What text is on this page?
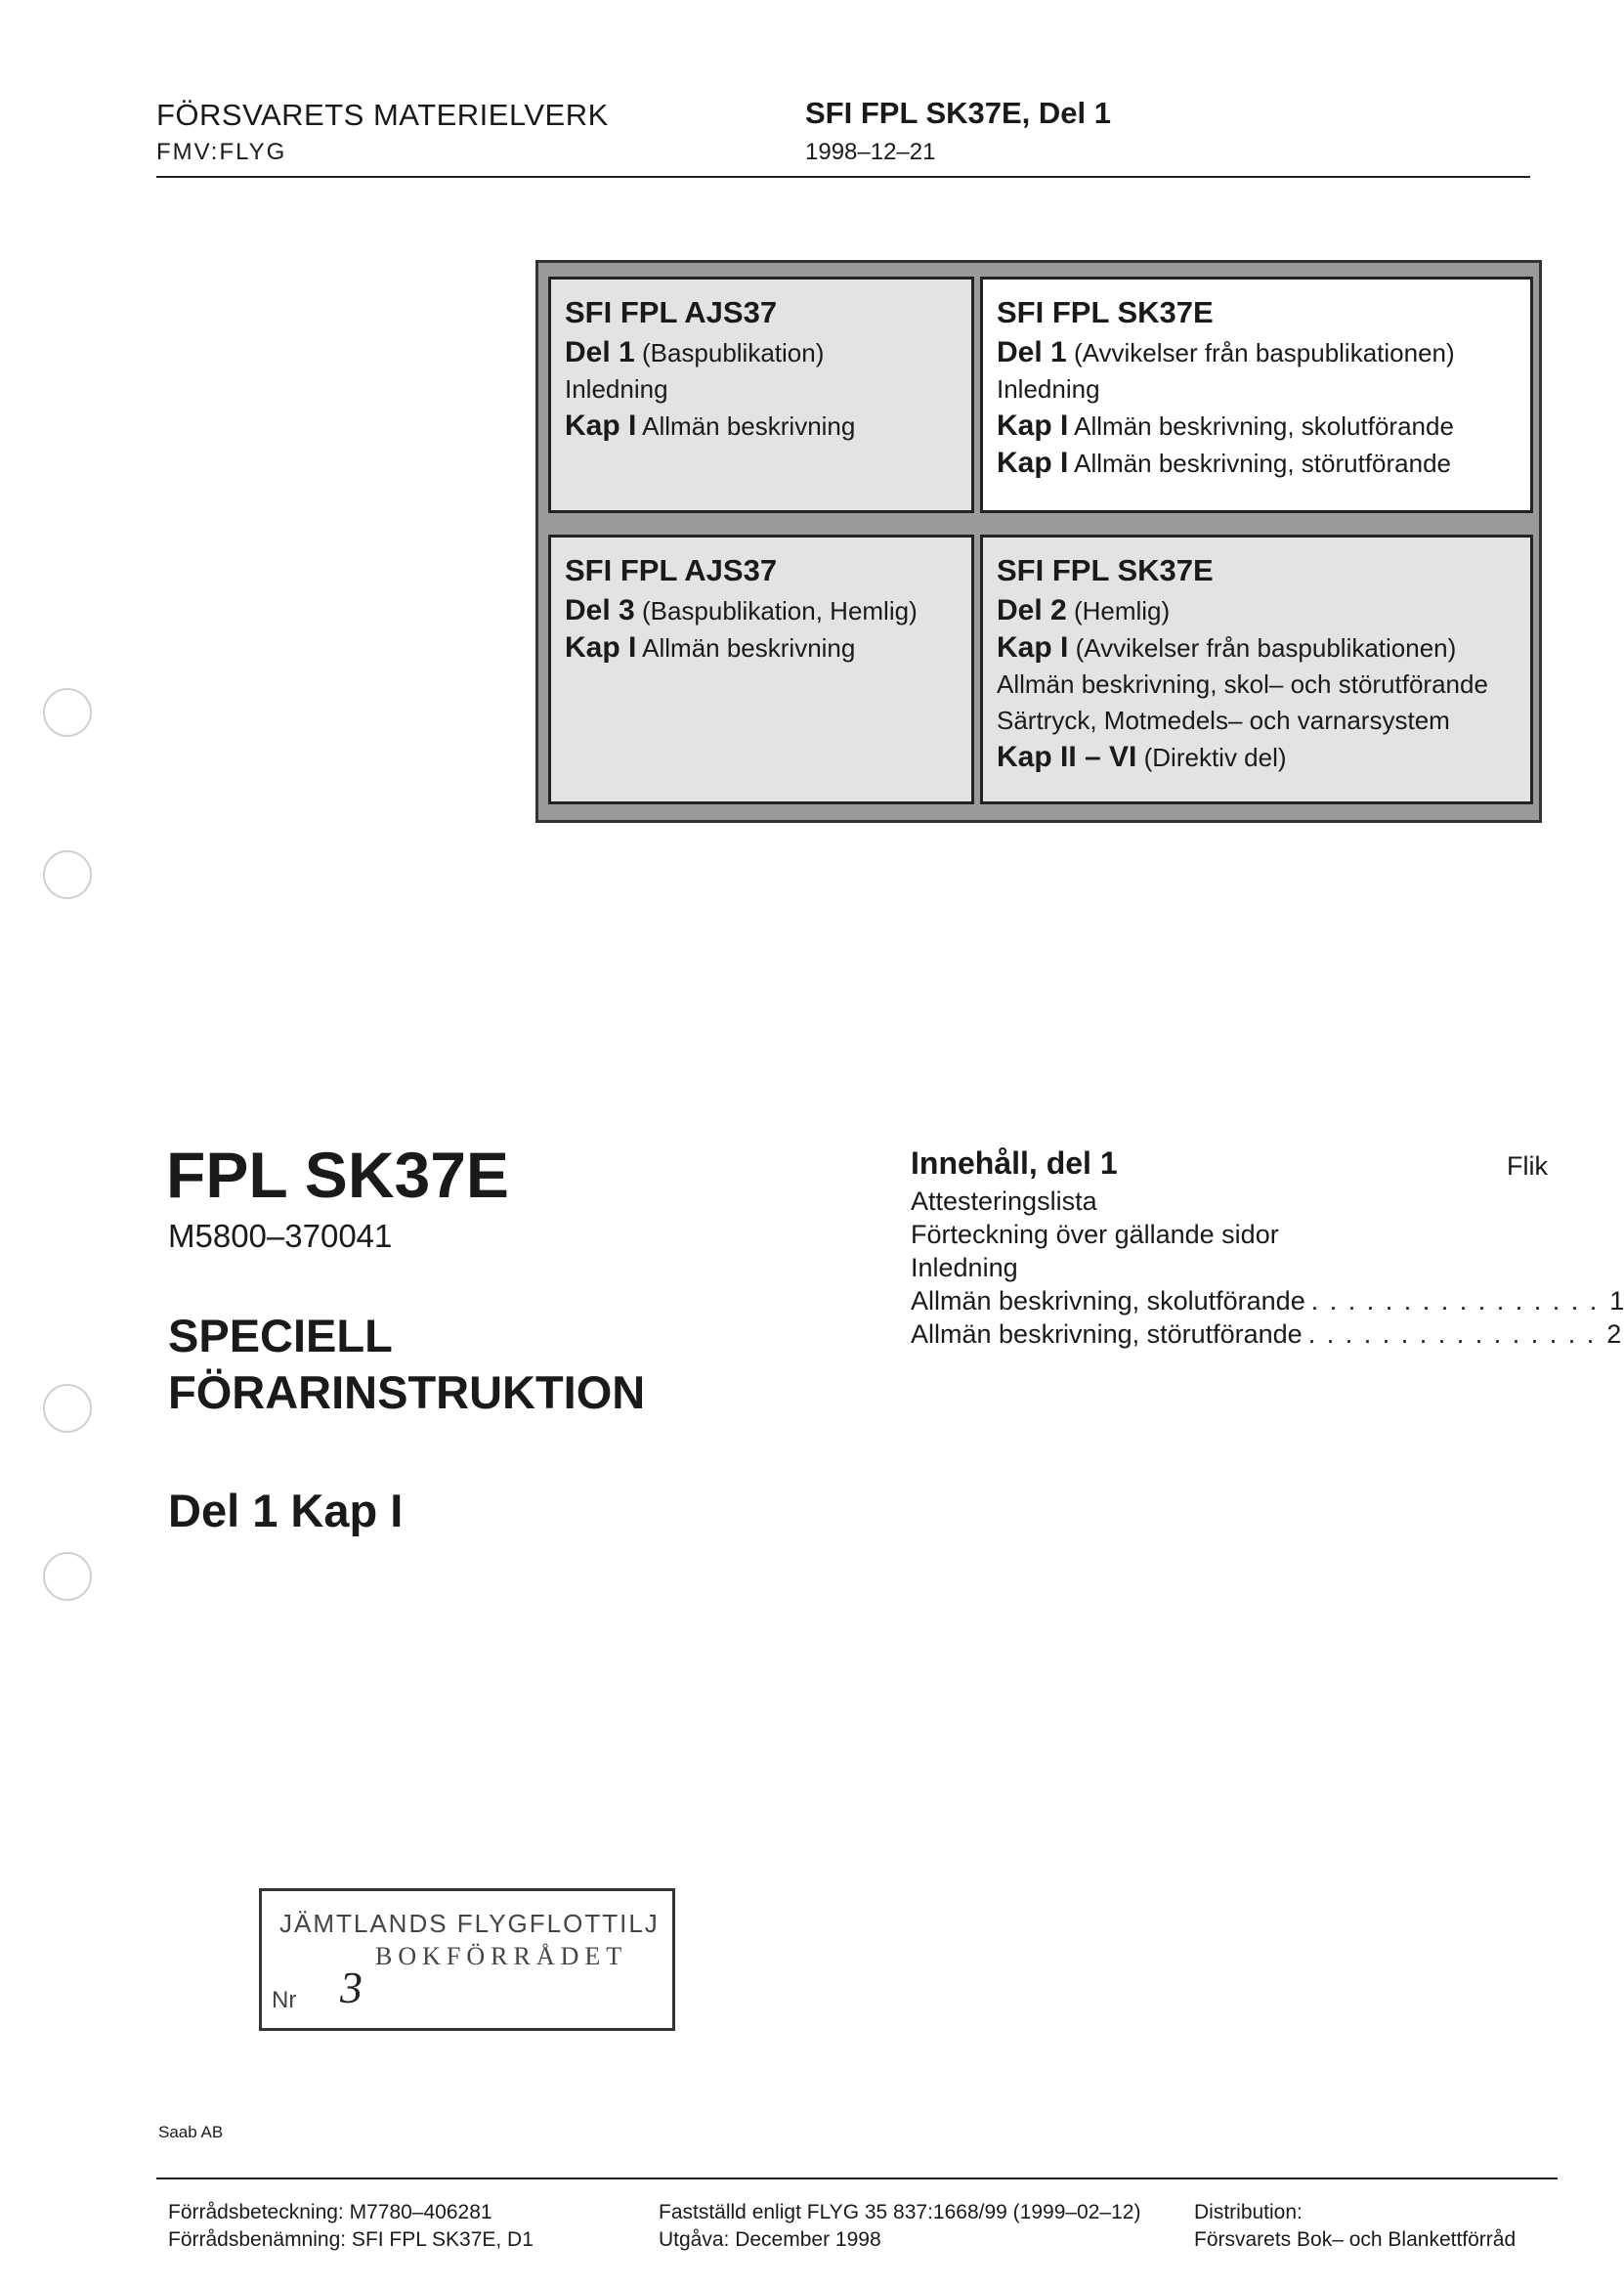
FÖRSVARETS MATERIELVERK
FMV:FLYG
SFI FPL SK37E, Del 1
1998–12–21
SFI FPL AJS37
Del 1 (Baspublikation)
Inledning
Kap I Allmän beskrivning
SFI FPL SK37E
Del 1 (Avvikelser från baspublikationen)
Inledning
Kap I Allmän beskrivning, skolutförande
Kap I Allmän beskrivning, störutförande
SFI FPL AJS37
Del 3 (Baspublikation, Hemlig)
Kap I Allmän beskrivning
SFI FPL SK37E
Del 2 (Hemlig)
Kap I (Avvikelser från baspublikationen)
Allmän beskrivning, skol– och störutförande
Särtryck, Motmedels– och varnarsystem
Kap II – VI (Direktiv del)
FPL SK37E
M5800–370041
SPECIELL
FÖRARINSTRUKTION
Del 1 Kap I
Innehåll, del 1	Flik
Attesteringslista
Förteckning över gällande sidor
Inledning
Allmän beskrivning, skolutförande . . . . . . . . . . . . . . . . 1
Allmän beskrivning, störutförande . . . . . . . . . . . . . . . . 2
JÄMTLANDS FLYGFLOTTILJ
BOKFÖRRÅDET
Nr 3
Saab AB
Förrådsbeteckning: M7780–406281
Förrådsbenämning: SFI FPL SK37E, D1
Fastställd enligt FLYG 35 837:1668/99 (1999–02–12)
Utgåva: December 1998
Distribution:
Försvarets Bok– och Blankettförråd
